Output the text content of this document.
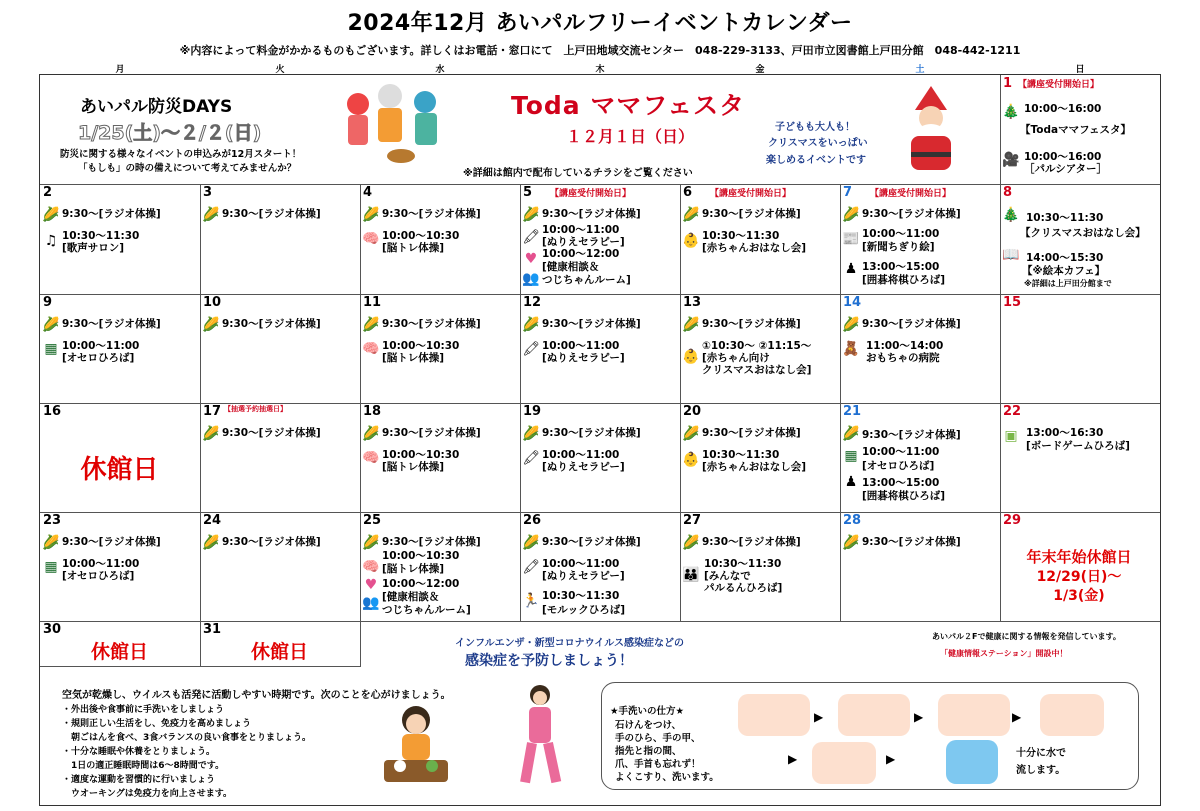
2024年12月 あいパルフリーイベントカレンダー
※内容によって料金がかかるものもございます。詳しくはお電話・窓口にて　上戸田地域交流センター　048-229-3133、戸田市立図書館上戸田分館　048-442-1211
月	火	水	木	金	土	日
あいパル防災DAYS
1/25(土)～２/２(日)
防災に関する様々なイベントの申込みが12月スタート！
「もしも」の時の備えについて考えてみませんか？
Toda ママフェスタ
１２月１日（日）	子どもも大人も！
クリスマスをいっぱい
楽しめるイベントです
※詳細は館内で配布しているチラシをご覧ください
1 【講座受付開始日】
🎄 10:00～16:00
【Todaママフェスタ】
🎥 10:00～16:00
［パルシアター］
2
🌽 9:30～[ラジオ体操]
♫ 10:30～11:30
[歌声サロン]
3
🌽 9:30～[ラジオ体操]
4
🌽 9:30～[ラジオ体操]
🧠 10:00～10:30
[脳トレ体操]
5 【講座受付開始日】
🌽 9:30～[ラジオ体操]
🖍 10:00～11:00
[ぬりえセラピー]
♥ 10:00～12:00
[健康相談＆
👥 つじちゃんルーム]
6 【講座受付開始日】
🌽 9:30～[ラジオ体操]
👶 10:30～11:30
[赤ちゃんおはなし会]
7 【講座受付開始日】
🌽 9:30～[ラジオ体操]
📰 10:00～11:00
[新聞ちぎり絵]
♟ 13:00～15:00
[囲碁将棋ひろば]
8
🎄 10:30～11:30
【クリスマスおはなし会】
📖 14:00～15:30
【※絵本カフェ】
※詳細は上戸田分館まで
9
🌽 9:30～[ラジオ体操]
▦ 10:00～11:00
[オセロひろば]
10
🌽 9:30～[ラジオ体操]
11
🌽 9:30～[ラジオ体操]
🧠 10:00～10:30
[脳トレ体操]
12
🌽 9:30～[ラジオ体操]
🖍 10:00～11:00
[ぬりえセラピー]
13
🌽 9:30～[ラジオ体操]
👶
①10:30～ ②11:15～
[赤ちゃん向け
クリスマスおはなし会]
14
🌽 9:30～[ラジオ体操]
🧸 11:00～14:00
おもちゃの病院
15
16
休館日
17 【抽選予約抽選日】
🌽 9:30～[ラジオ体操]
18
🌽 9:30～[ラジオ体操]
🧠 10:00～10:30
[脳トレ体操]
19
🌽 9:30～[ラジオ体操]
🖍 10:00～11:00
[ぬりえセラピー]
20
🌽 9:30～[ラジオ体操]
👶 10:30～11:30
[赤ちゃんおはなし会]
21
🌽 9:30～[ラジオ体操]
▦ 10:00～11:00
[オセロひろば]
♟ 13:00～15:00
[囲碁将棋ひろば]
22
▣ 13:00～16:30
[ボードゲームひろば]
23
🌽 9:30～[ラジオ体操]
▦ 10:00～11:00
[オセロひろば]
24
🌽 9:30～[ラジオ体操]
25
🌽 9:30～[ラジオ体操]
10:00～10:30
🧠 [脳トレ体操]
♥ 10:00～12:00
👥 [健康相談＆
つじちゃんルーム]
26
🌽 9:30～[ラジオ体操]
🖍 10:00～11:00
[ぬりえセラピー]
🏃 10:30～11:30
[モルックひろば]
27
🌽 9:30～[ラジオ体操]
👪
10:30～11:30
[みんなで
パルるんひろば]
28
🌽 9:30～[ラジオ体操]
29
年末年始休館日
12/29(日)～
1/3(金)
30
休館日
31
休館日	インフルエンザ・新型コロナウイルス感染症などの
感染症を予防しましょう！
あいパル２Fで健康に関する情報を発信しています。
「健康情報ステーション」開設中！
空気が乾燥し、ウイルスも活発に活動しやすい時期です。次のことを心がけましょう。
・外出後や食事前に手洗いをしましょう
・規則正しい生活をし、免疫力を高めましょう
　朝ごはんを食べ、3食バランスの良い食事をとりましょう。
・十分な睡眠や休養をとりましょう。
　1日の適正睡眠時間は6～8時間です。
・適度な運動を習慣的に行いましょう
　ウオーキングは免疫力を向上させます。
★手洗いの仕方★
石けんをつけ、
手のひら、手の甲、
指先と指の間、
爪、手首も忘れず！
よくこすり、洗います。
▶	▶	▶
▶	▶	十分に水で
流します。
